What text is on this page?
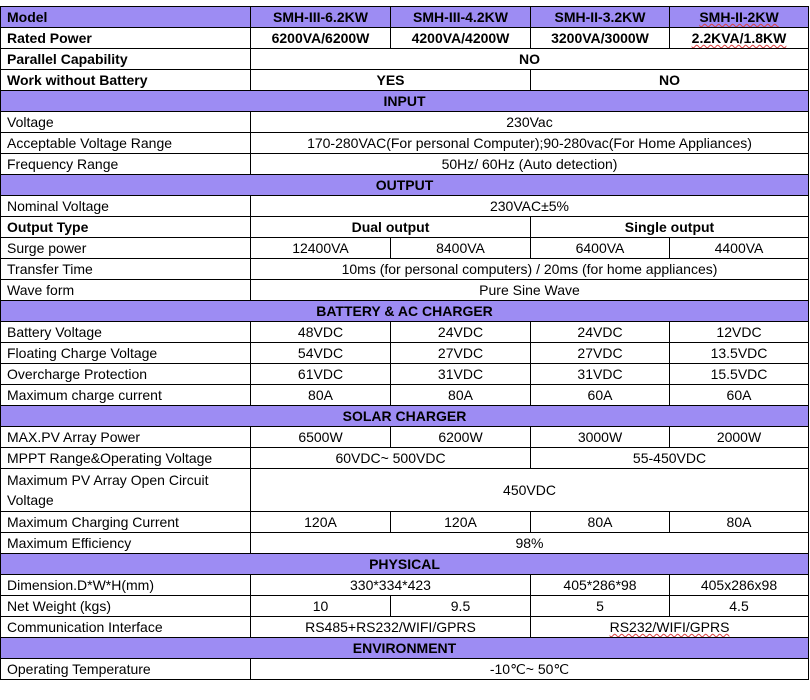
Model	SMH-III-6.2KW	SMH-III-4.2KW	SMH-II-3.2KW	SMH-II-2KW
Rated Power	6200VA/6200W	4200VA/4200W	3200VA/3000W	2.2KVA/1.8KW
Parallel Capability	NO			
Work without Battery	YES		NO	
INPUT				
Voltage	230Vac			
Acceptable Voltage Range	170-280VAC(For personal Computer);90-280vac(For Home Appliances)			
Frequency Range	50Hz/ 60Hz (Auto detection)			
OUTPUT				
Nominal Voltage	230VAC±5%			
Output Type	Dual output		Single output	
Surge power	12400VA	8400VA	6400VA	4400VA
Transfer Time	10ms (for personal computers) / 20ms (for home appliances)			
Wave form	Pure Sine Wave			
BATTERY & AC CHARGER				
Battery Voltage	48VDC	24VDC	24VDC	12VDC
Floating Charge Voltage	54VDC	27VDC	27VDC	13.5VDC
Overcharge Protection	61VDC	31VDC	31VDC	15.5VDC
Maximum charge current	80A	80A	60A	60A
SOLAR CHARGER				
MAX.PV Array Power	6500W	6200W	3000W	2000W
MPPT Range&Operating Voltage	60VDC~ 500VDC		55-450VDC	
Maximum PV Array Open Circuit Voltage	450VDC			
Maximum Charging Current	120A	120A	80A	80A
Maximum Efficiency	98%			
PHYSICAL				
Dimension.D*W*H(mm)	330*334*423		405*286*98	405x286x98
Net Weight (kgs)	10	9.5	5	4.5
Communication Interface	RS485+RS232/WIFI/GPRS		RS232/WIFI/GPRS	
ENVIRONMENT				
Operating Temperature	-10℃~ 50℃			
